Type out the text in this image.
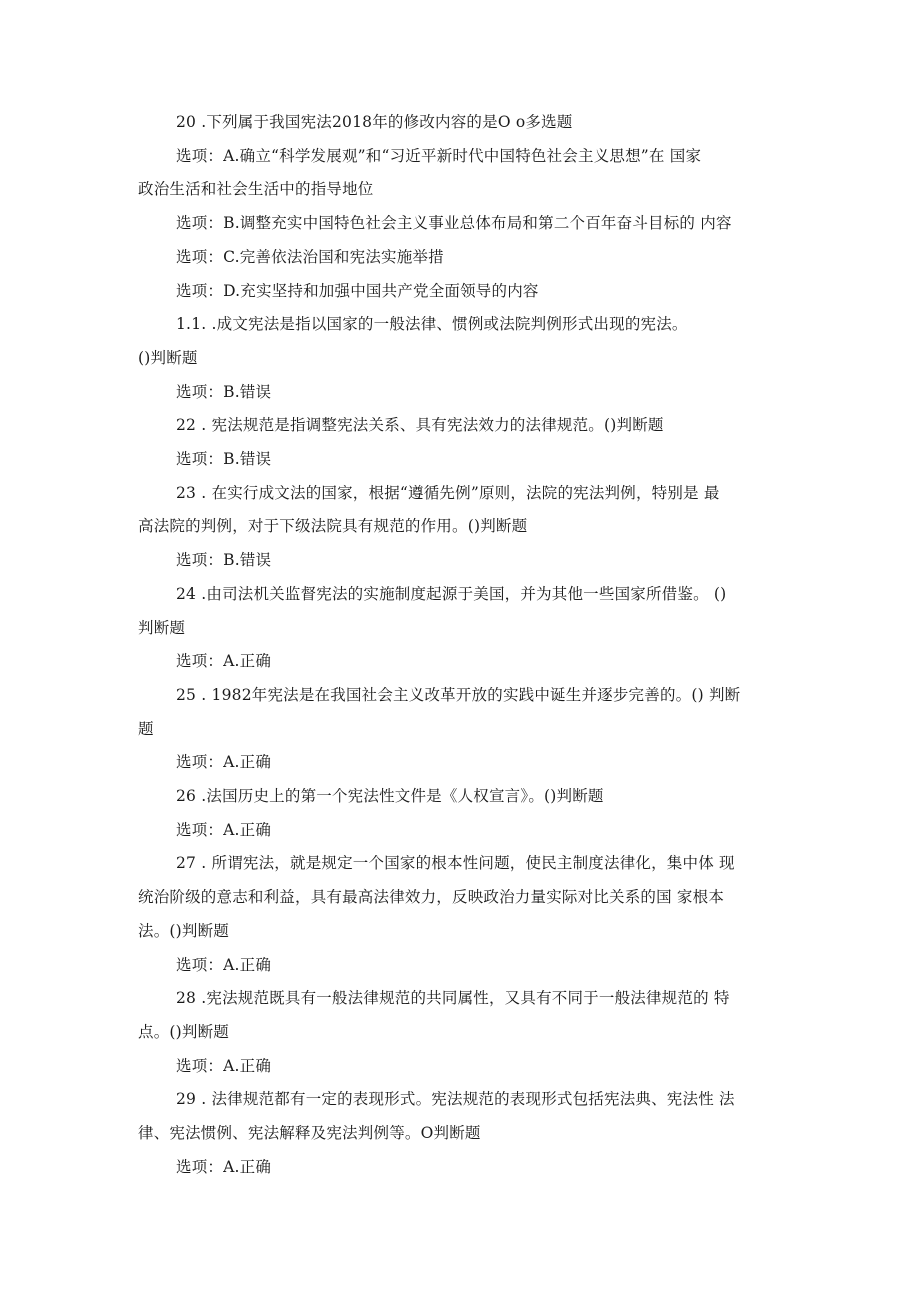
20 .下列属于我国宪法2018年的修改内容的是O o多选题
选项：A.确立“科学发展观”和“习近平新时代中国特色社会主义思想”在 国家
政治生活和社会生活中的指导地位
选项：B.调整充实中国特色社会主义事业总体布局和第二个百年奋斗目标的 内容
选项：C.完善依法治国和宪法实施举措
选项：D.充实坚持和加强中国共产党全面领导的内容
1.1. .成文宪法是指以国家的一般法律、惯例或法院判例形式出现的宪法。
()判断题
选项：B.错误
22 . 宪法规范是指调整宪法关系、具有宪法效力的法律规范。()判断题
选项：B.错误
23 . 在实行成文法的国家，根据“遵循先例”原则，法院的宪法判例，特别是 最
高法院的判例，对于下级法院具有规范的作用。()判断题
选项：B.错误
24 .由司法机关监督宪法的实施制度起源于美国，并为其他一些国家所借鉴。 ()
判断题
选项：A.正确
25 . 1982年宪法是在我国社会主义改革开放的实践中诞生并逐步完善的。() 判断
题
选项：A.正确
26 .法国历史上的第一个宪法性文件是《人权宣言》。()判断题
选项：A.正确
27 . 所谓宪法，就是规定一个国家的根本性问题，使民主制度法律化，集中体 现
统治阶级的意志和利益，具有最高法律效力，反映政治力量实际对比关系的国 家根本
法。()判断题
选项：A.正确
28 .宪法规范既具有一般法律规范的共同属性，又具有不同于一般法律规范的 特
点。()判断题
选项：A.正确
29 . 法律规范都有一定的表现形式。宪法规范的表现形式包括宪法典、宪法性 法
律、宪法惯例、宪法解释及宪法判例等。O判断题
选项：A.正确
